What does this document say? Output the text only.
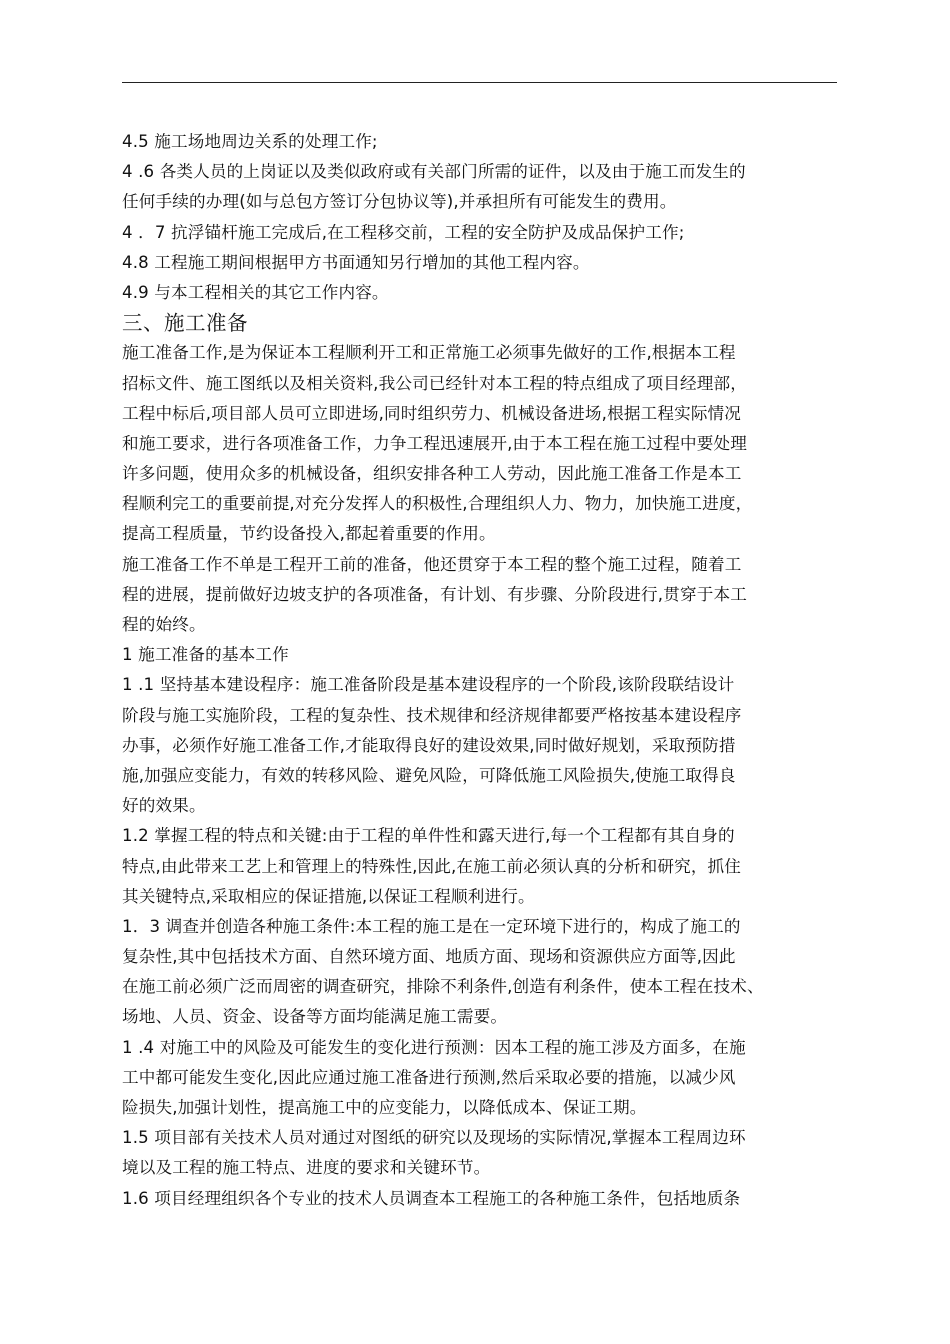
4.5 施工场地周边关系的处理工作;
4 .6 各类人员的上岗证以及类似政府或有关部门所需的证件，以及由于施工而发生的
任何手续的办理(如与总包方签订分包协议等),并承担所有可能发生的费用。
4 ．7 抗浮锚杆施工完成后,在工程移交前，工程的安全防护及成品保护工作;
4.8 工程施工期间根据甲方书面通知另行增加的其他工程内容。
4.9 与本工程相关的其它工作内容。
三、施工准备
施工准备工作,是为保证本工程顺利开工和正常施工必须事先做好的工作,根据本工程
招标文件、施工图纸以及相关资料,我公司已经针对本工程的特点组成了项目经理部，
工程中标后,项目部人员可立即进场,同时组织劳力、机械设备进场,根据工程实际情况
和施工要求，进行各项准备工作，力争工程迅速展开,由于本工程在施工过程中要处理
许多问题，使用众多的机械设备，组织安排各种工人劳动，因此施工准备工作是本工
程顺利完工的重要前提,对充分发挥人的积极性,合理组织人力、物力，加快施工进度，
提高工程质量，节约设备投入,都起着重要的作用。
施工准备工作不单是工程开工前的准备，他还贯穿于本工程的整个施工过程，随着工
程的进展，提前做好边坡支护的各项准备，有计划、有步骤、分阶段进行,贯穿于本工
程的始终。
1 施工准备的基本工作
1 .1 坚持基本建设程序：施工准备阶段是基本建设程序的一个阶段,该阶段联结设计
阶段与施工实施阶段，工程的复杂性、技术规律和经济规律都要严格按基本建设程序
办事，必须作好施工准备工作,才能取得良好的建设效果,同时做好规划，采取预防措
施,加强应变能力，有效的转移风险、避免风险，可降低施工风险损失,使施工取得良
好的效果。
1.2 掌握工程的特点和关键:由于工程的单件性和露天进行,每一个工程都有其自身的
特点,由此带来工艺上和管理上的特殊性,因此,在施工前必须认真的分析和研究，抓住
其关键特点,采取相应的保证措施,以保证工程顺利进行。
1．3 调查并创造各种施工条件:本工程的施工是在一定环境下进行的，构成了施工的
复杂性,其中包括技术方面、自然环境方面、地质方面、现场和资源供应方面等,因此
在施工前必须广泛而周密的调查研究，排除不利条件,创造有利条件，使本工程在技术、
场地、人员、资金、设备等方面均能满足施工需要。
1 .4 对施工中的风险及可能发生的变化进行预测：因本工程的施工涉及方面多，在施
工中都可能发生变化,因此应通过施工准备进行预测,然后采取必要的措施，以减少风
险损失,加强计划性，提高施工中的应变能力，以降低成本、保证工期。
1.5 项目部有关技术人员对通过对图纸的研究以及现场的实际情况,掌握本工程周边环
境以及工程的施工特点、进度的要求和关键环节。
1.6 项目经理组织各个专业的技术人员调查本工程施工的各种施工条件，包括地质条
